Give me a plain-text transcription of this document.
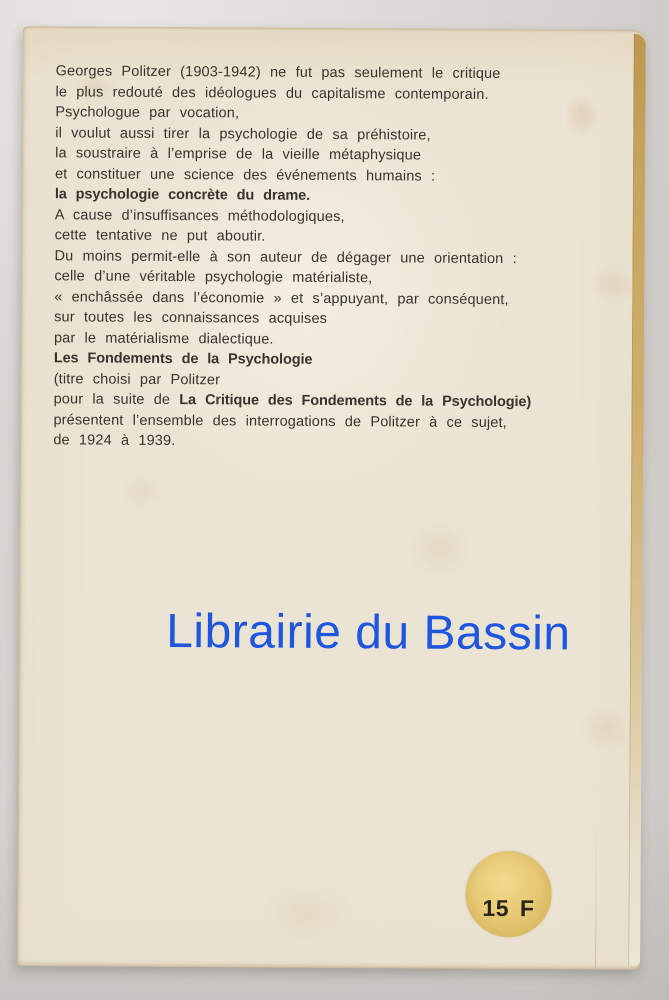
Georges Politzer (1903-1942) ne fut pas seulement le critique
le plus redouté des idéologues du capitalisme contemporain.
Psychologue par vocation,
il voulut aussi tirer la psychologie de sa préhistoire,
la soustraire à l’emprise de la vieille métaphysique
et constituer une science des événements humains :
la psychologie concrète du drame.
A cause d’insuffisances méthodologiques,
cette tentative ne put aboutir.
Du moins permit-elle à son auteur de dégager une orientation :
celle d’une véritable psychologie matérialiste,
« enchâssée dans l’économie » et s’appuyant, par conséquent,
sur toutes les connaissances acquises
par le matérialisme dialectique.
Les Fondements de la Psychologie
(titre choisi par Politzer
pour la suite de La Critique des Fondements de la Psychologie)
présentent l’ensemble des interrogations de Politzer à ce sujet,
de 1924 à 1939.
Librairie du Bassin
15 F
